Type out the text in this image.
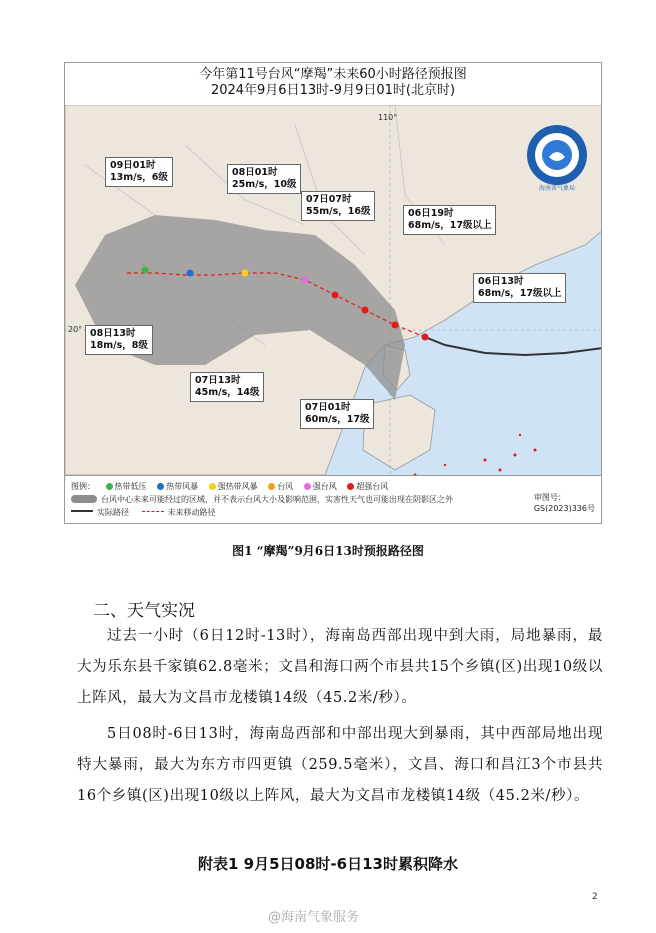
今年第11号台风“摩羯”未来60小时路径预报图
2024年9月6日13时-9月9日01时(北京时)
海南省气象局
110°
20°
09日01时
13m/s，6级	08日01时
25m/s，10级
07日07时
55m/s，16级	06日19时
68m/s，17级以上
06日13时
68m/s，17级以上
08日13时
18m/s，8级
07日13时
45m/s，14级
07日01时
60m/s，17级
图例： 热带低压 热带风暴 强热带风暴 台风 强台风 超强台风
台风中心未来可能经过的区域，并不表示台风大小及影响范围，实害性天气也可能出现在阴影区之外
实际路径	未来移动路径
审图号：
GS(2023)336号
图1 “摩羯”9月6日13时预报路径图
二、天气实况
过去一小时（6日12时-13时），海南岛西部出现中到大雨，局地暴雨，最大为乐东县千家镇62.8毫米；文昌和海口两个市县共15个乡镇(区)出现10级以上阵风，最大为文昌市龙楼镇14级（45.2米/秒）。
5日08时-6日13时，海南岛西部和中部出现大到暴雨，其中西部局地出现特大暴雨，最大为东方市四更镇（259.5毫米），文昌、海口和昌江3个市县共16个乡镇(区)出现10级以上阵风，最大为文昌市龙楼镇14级（45.2米/秒）。
附表1 9月5日08时-6日13时累积降水
2
@海南气象服务
